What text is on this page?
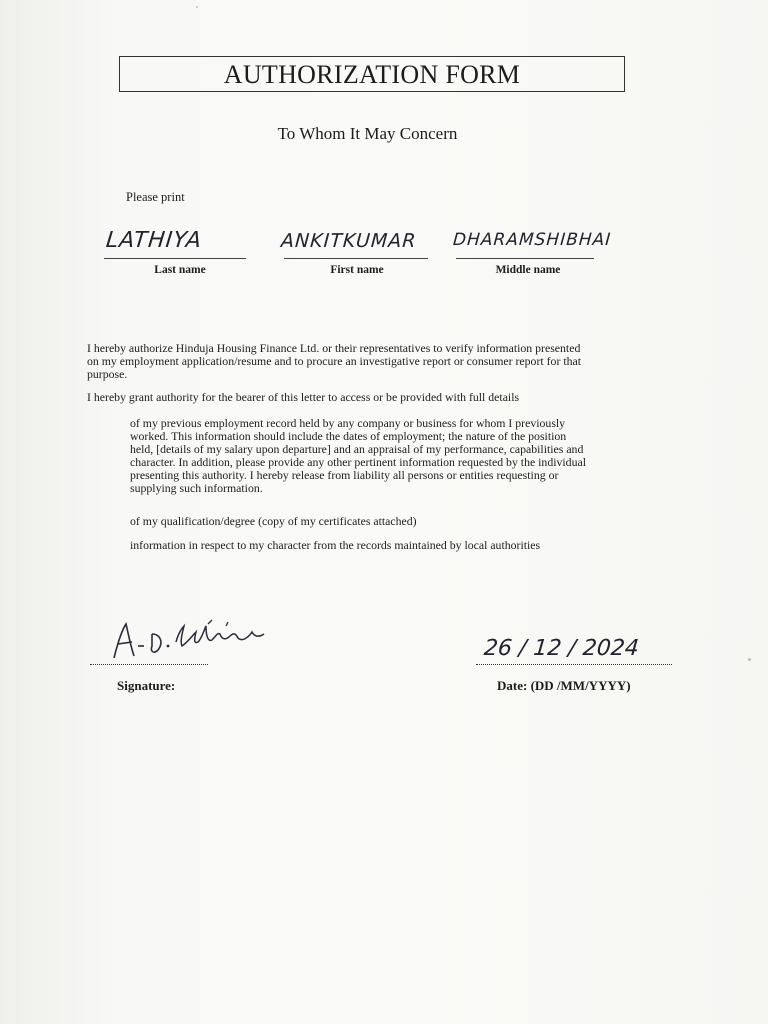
AUTHORIZATION FORM
To Whom It May Concern
Please print
LATHIYA
Last name
ANKITKUMAR
First name
DHARAMSHIBHAI
Middle name
I hereby authorize Hinduja Housing Finance Ltd. or their representatives to verify information presented
on my employment application/resume and to procure an investigative report or consumer report for that
purpose.
I hereby grant authority for the bearer of this letter to access or be provided with full details
of my previous employment record held by any company or business for whom I previously
worked. This information should include the dates of employment; the nature of the position
held, [details of my salary upon departure] and an appraisal of my performance, capabilities and
character. In addition, please provide any other pertinent information requested by the individual
presenting this authority. I hereby release from liability all persons or entities requesting or
supplying such information.
of my qualification/degree (copy of my certificates attached)
information in respect to my character from the records maintained by local authorities
Signature:
26 / 12 / 2024
Date: (DD /MM/YYYY)
